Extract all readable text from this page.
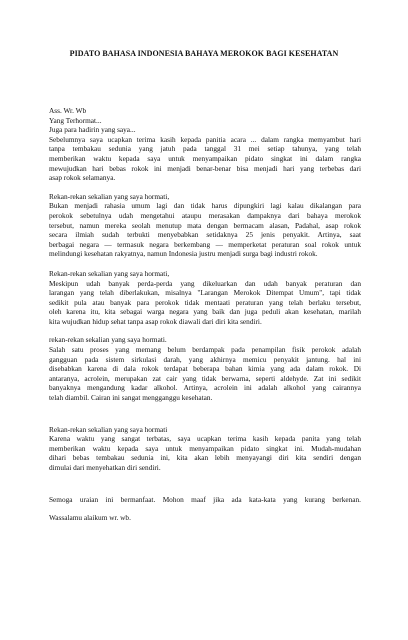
PIDATO BAHASA INDONESIA BAHAYA MEROKOK BAGI KESEHATAN
Ass. Wr. Wb
Yang Terhormat...
Juga para hadirin yang saya...
Sebelumnya saya ucapkan terima kasih kepada panitia acara ... dalam rangka memyambut hari
tanpa tembakau sedunia yang jatuh pada tanggal 31 mei setiap tahunya, yang telah
memberikan waktu kepada saya untuk menyampaikan pidato singkat ini dalam rangka
mewujudkan hari bebas rokok ini menjadi benar-benar bisa menjadi hari yang terbebas dari
asap rokok selamanya.
Rekan-rekan sekalian yang saya hormati,
Bukan menjadi rahasia umum lagi dan tidak harus dipungkiri lagi kalau dikalangan para
perokok sebetulnya udah mengetahui ataupu merasakan dampaknya dari bahaya merokok
tersebut, namun mereka seolah menutup mata dengan bermacam alasan, Padahal, asap rokok
secara ilmiah sudah terbukti menyebabkan setidaknya 25 jenis penyakit. Artinya, saat
berbagai negara — termasuk negara berkembang — memperketat peraturan soal rokok untuk
melindungi kesehatan rakyatnya, namun Indonesia justru menjadi surga bagi industri rokok.
Rekan-rekan sekalian yang saya hormati,
Meskipun udah banyak perda-perda yang dikeluarkan dan udah banyak peraturan dan
larangan yang telah diberlakukan, misalnya "Larangan Merokok Ditempat Umum", tapi tidak
sedikit pula atau banyak para perokok tidak mentaati peraturan yang telah berlaku tersebut,
oleh karena itu, kita sebagai warga negara yang baik dan juga peduli akan kesehatan, marilah
kita wujudkan hidup sehat tanpa asap rokok diawali dari diri kita sendiri.
rekan-rekan sekalian yang saya hormati.
Salah satu proses yang memang belum berdampak pada penampilan fisik perokok adalah
gangguan pada sistem sirkulasi darah, yang akhirnya memicu penyakit jantung. hal ini
disebabkan karena di dala rokok terdapat beberapa bahan kimia yang ada dalam rokok. Di
antaranya, acrolein, merupakan zat cair yang tidak berwarna, seperti aldehyde. Zat ini sedikit
banyaknya mengandung kadar alkohol. Artinya, acrolein ini adalah alkohol yang cairannya
telah diambil. Cairan ini sangat mengganggu kesehatan.
Rekan-rekan sekalian yang saya hormati
Karena waktu yang sangat terbatas, saya ucapkan terima kasih kepada panita yang telah
memberikan waktu kepada saya untuk menyampaikan pidato singkat ini. Mudah-mudahan
dihari bebas tembakau sedunia ini, kita akan lebih menyayangi diri kita sendiri dengan
dimulai dari menyehatkan diri sendiri.
Semoga uraian ini bermanfaat. Mohon maaf jika ada kata-kata yang kurang berkenan.
Wassalamu alaikum wr. wb.
